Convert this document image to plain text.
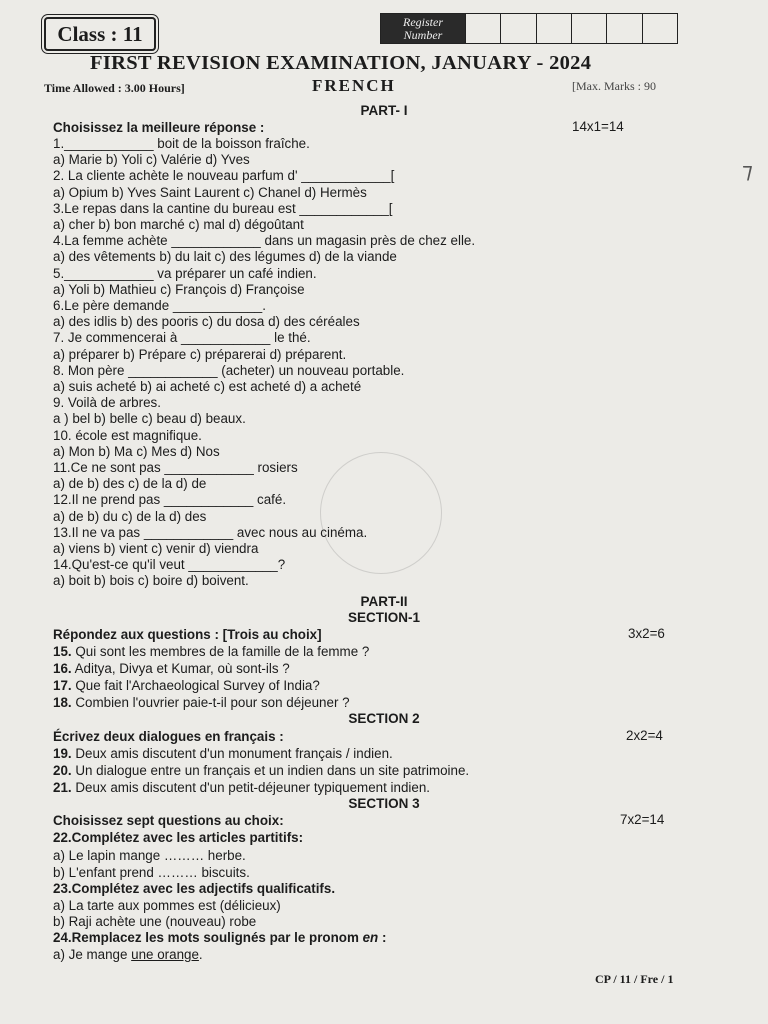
Class : 11	Register
Number
FIRST REVISION EXAMINATION, JANUARY - 2024
Time Allowed : 3.00 Hours]	FRENCH	[Max. Marks : 90
PART- I
Choisissez la meilleure réponse :	14x1=14
1.____________ boit de la boisson fraîche.
a) Marie b) Yoli c) Valérie d) Yves
2. La cliente achète le nouveau parfum d' ____________[
a) Opium b) Yves Saint Laurent c) Chanel d) Hermès
3.Le repas dans la cantine du bureau est ____________[
a) cher b) bon marché c) mal d) dégoûtant
4.La femme achète ____________ dans un magasin près de chez elle.
a) des vêtements b) du lait c) des légumes d) de la viande
5.____________ va préparer un café indien.
a) Yoli b) Mathieu c) François d) Françoise
6.Le père demande ____________.
a) des idlis b) des pooris c) du dosa d) des céréales
7. Je commencerai à ____________ le thé.
a) préparer b) Prépare c) préparerai d) préparent.
8. Mon père ____________ (acheter) un nouveau portable.
a) suis acheté b) ai acheté c) est acheté d) a acheté
9. Voilà de arbres.
a ) bel b) belle c) beau d) beaux.
10. école est magnifique.
a) Mon b) Ma c) Mes d) Nos
11.Ce ne sont pas ____________ rosiers
a) de b) des c) de la d) de
12.Il ne prend pas ____________ café.
a) de b) du c) de la d) des
13.Il ne va pas ____________ avec nous au cinéma.
a) viens b) vient c) venir d) viendra
14.Qu'est-ce qu'il veut ____________?
a) boit b) bois c) boire d) boivent.
⁊
PART-II
SECTION-1
Répondez aux questions : [Trois au choix]	3x2=6
15. Qui sont les membres de la famille de la femme ?
16. Aditya, Divya et Kumar, où sont-ils ?
17. Que fait l'Archaeological Survey of India?
18. Combien l'ouvrier paie-t-il pour son déjeuner ?
SECTION 2
Écrivez deux dialogues en français :	2x2=4
19. Deux amis discutent d'un monument français / indien.
20. Un dialogue entre un français et un indien dans un site patrimoine.
21. Deux amis discutent d'un petit-déjeuner typiquement indien.
SECTION 3
Choisissez sept questions au choix:	7x2=14
22.Complétez avec les articles partitifs:
a) Le lapin mange ……… herbe.
b) L'enfant prend ……… biscuits.
23.Complétez avec les adjectifs qualificatifs.
a) La tarte aux pommes est (délicieux)
b) Raji achète une (nouveau) robe
24.Remplacez les mots soulignés par le pronom en :
a) Je mange une orange.
CP / 11 / Fre / 1
